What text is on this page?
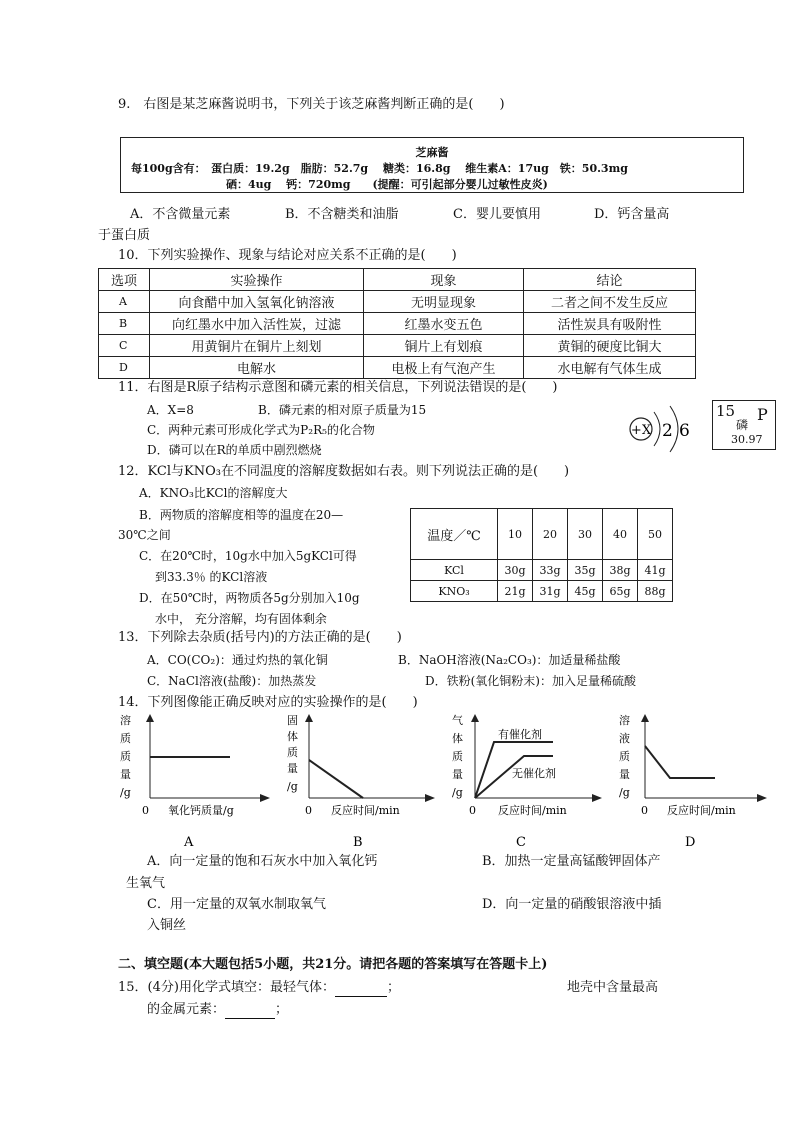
9.　右图是某芝麻酱说明书，下列关于该芝麻酱判断正确的是(　　)
芝麻酱
每100g含有：　蛋白质：19.2g　脂肪：52.7g　 糖类：16.8g　 维生素A：17ug　铁：50.3mg
硒：4ug　 钙：720mg　　(提醒：可引起部分婴儿过敏性皮炎)
A．不含微量元素	B．不含糖类和油脂	C．婴儿要慎用	D．钙含量高
于蛋白质
10．下列实验操作、现象与结论对应关系不正确的是(　　)
选项	实验操作	现象	结论
A	向食醋中加入氢氧化钠溶液	无明显现象	二者之间不发生反应
B	向红墨水中加入活性炭，过滤	红墨水变五色	活性炭具有吸附性
C	用黄铜片在铜片上刻划	铜片上有划痕	黄铜的硬度比铜大
D	电解水	电极上有气泡产生	水电解有气体生成
11．右图是R原子结构示意图和磷元素的相关信息，下列说法错误的是(　　)
A．X=8	B．磷元素的相对原子质量为15
C．两种元素可形成化学式为P₂R₅的化合物
D．磷可以在R的单质中剧烈燃烧
+X 2 6
15 P
磷
30.97
12．KCl与KNO₃在不同温度的溶解度数据如右表。则下列说法正确的是(　　)
A．KNO₃比KCl的溶解度大
B．两物质的溶解度相等的温度在20—
30℃之间
C．在20℃时，10g水中加入5gKCl可得
到33.3％ 的KCl溶液
D．在50℃时，两物质各5g分别加入10g
水中， 充分溶解，均有固体剩余
温度／℃	10	20	30	40	50
KCl	30g	33g	35g	38g	41g
KNO₃	21g	31g	45g	65g	88g
13．下列除去杂质(括号内)的方法正确的是(　　)
A．CO(CO₂)：通过灼热的氧化铜	B．NaOH溶液(Na₂CO₃)：加适量稀盐酸
C．NaCl溶液(盐酸)：加热蒸发	D．铁粉(氧化铜粉末)：加入足量稀硫酸
14．下列图像能正确反映对应的实验操作的是(　　)
溶
质
质
量
/g
0 氧化钙质量/g
A
固
体
质
量
/g
0 反应时间/min
B
气
体
质
量
/g
有催化剂
无催化剂
0 反应时间/min
C
溶
液
质
量
/g
0 反应时间/min
D
A．向一定量的饱和石灰水中加入氧化钙	B．加热一定量高锰酸钾固体产
生氧气
C．用一定量的双氧水制取氧气	D．向一定量的硝酸银溶液中插
入铜丝
二、填空题(本大题包括5小题，共21分。请把各题的答案填写在答题卡上)
15．(4分)用化学式填空：最轻气体：	；	地壳中含量最高
的金属元素：	；
